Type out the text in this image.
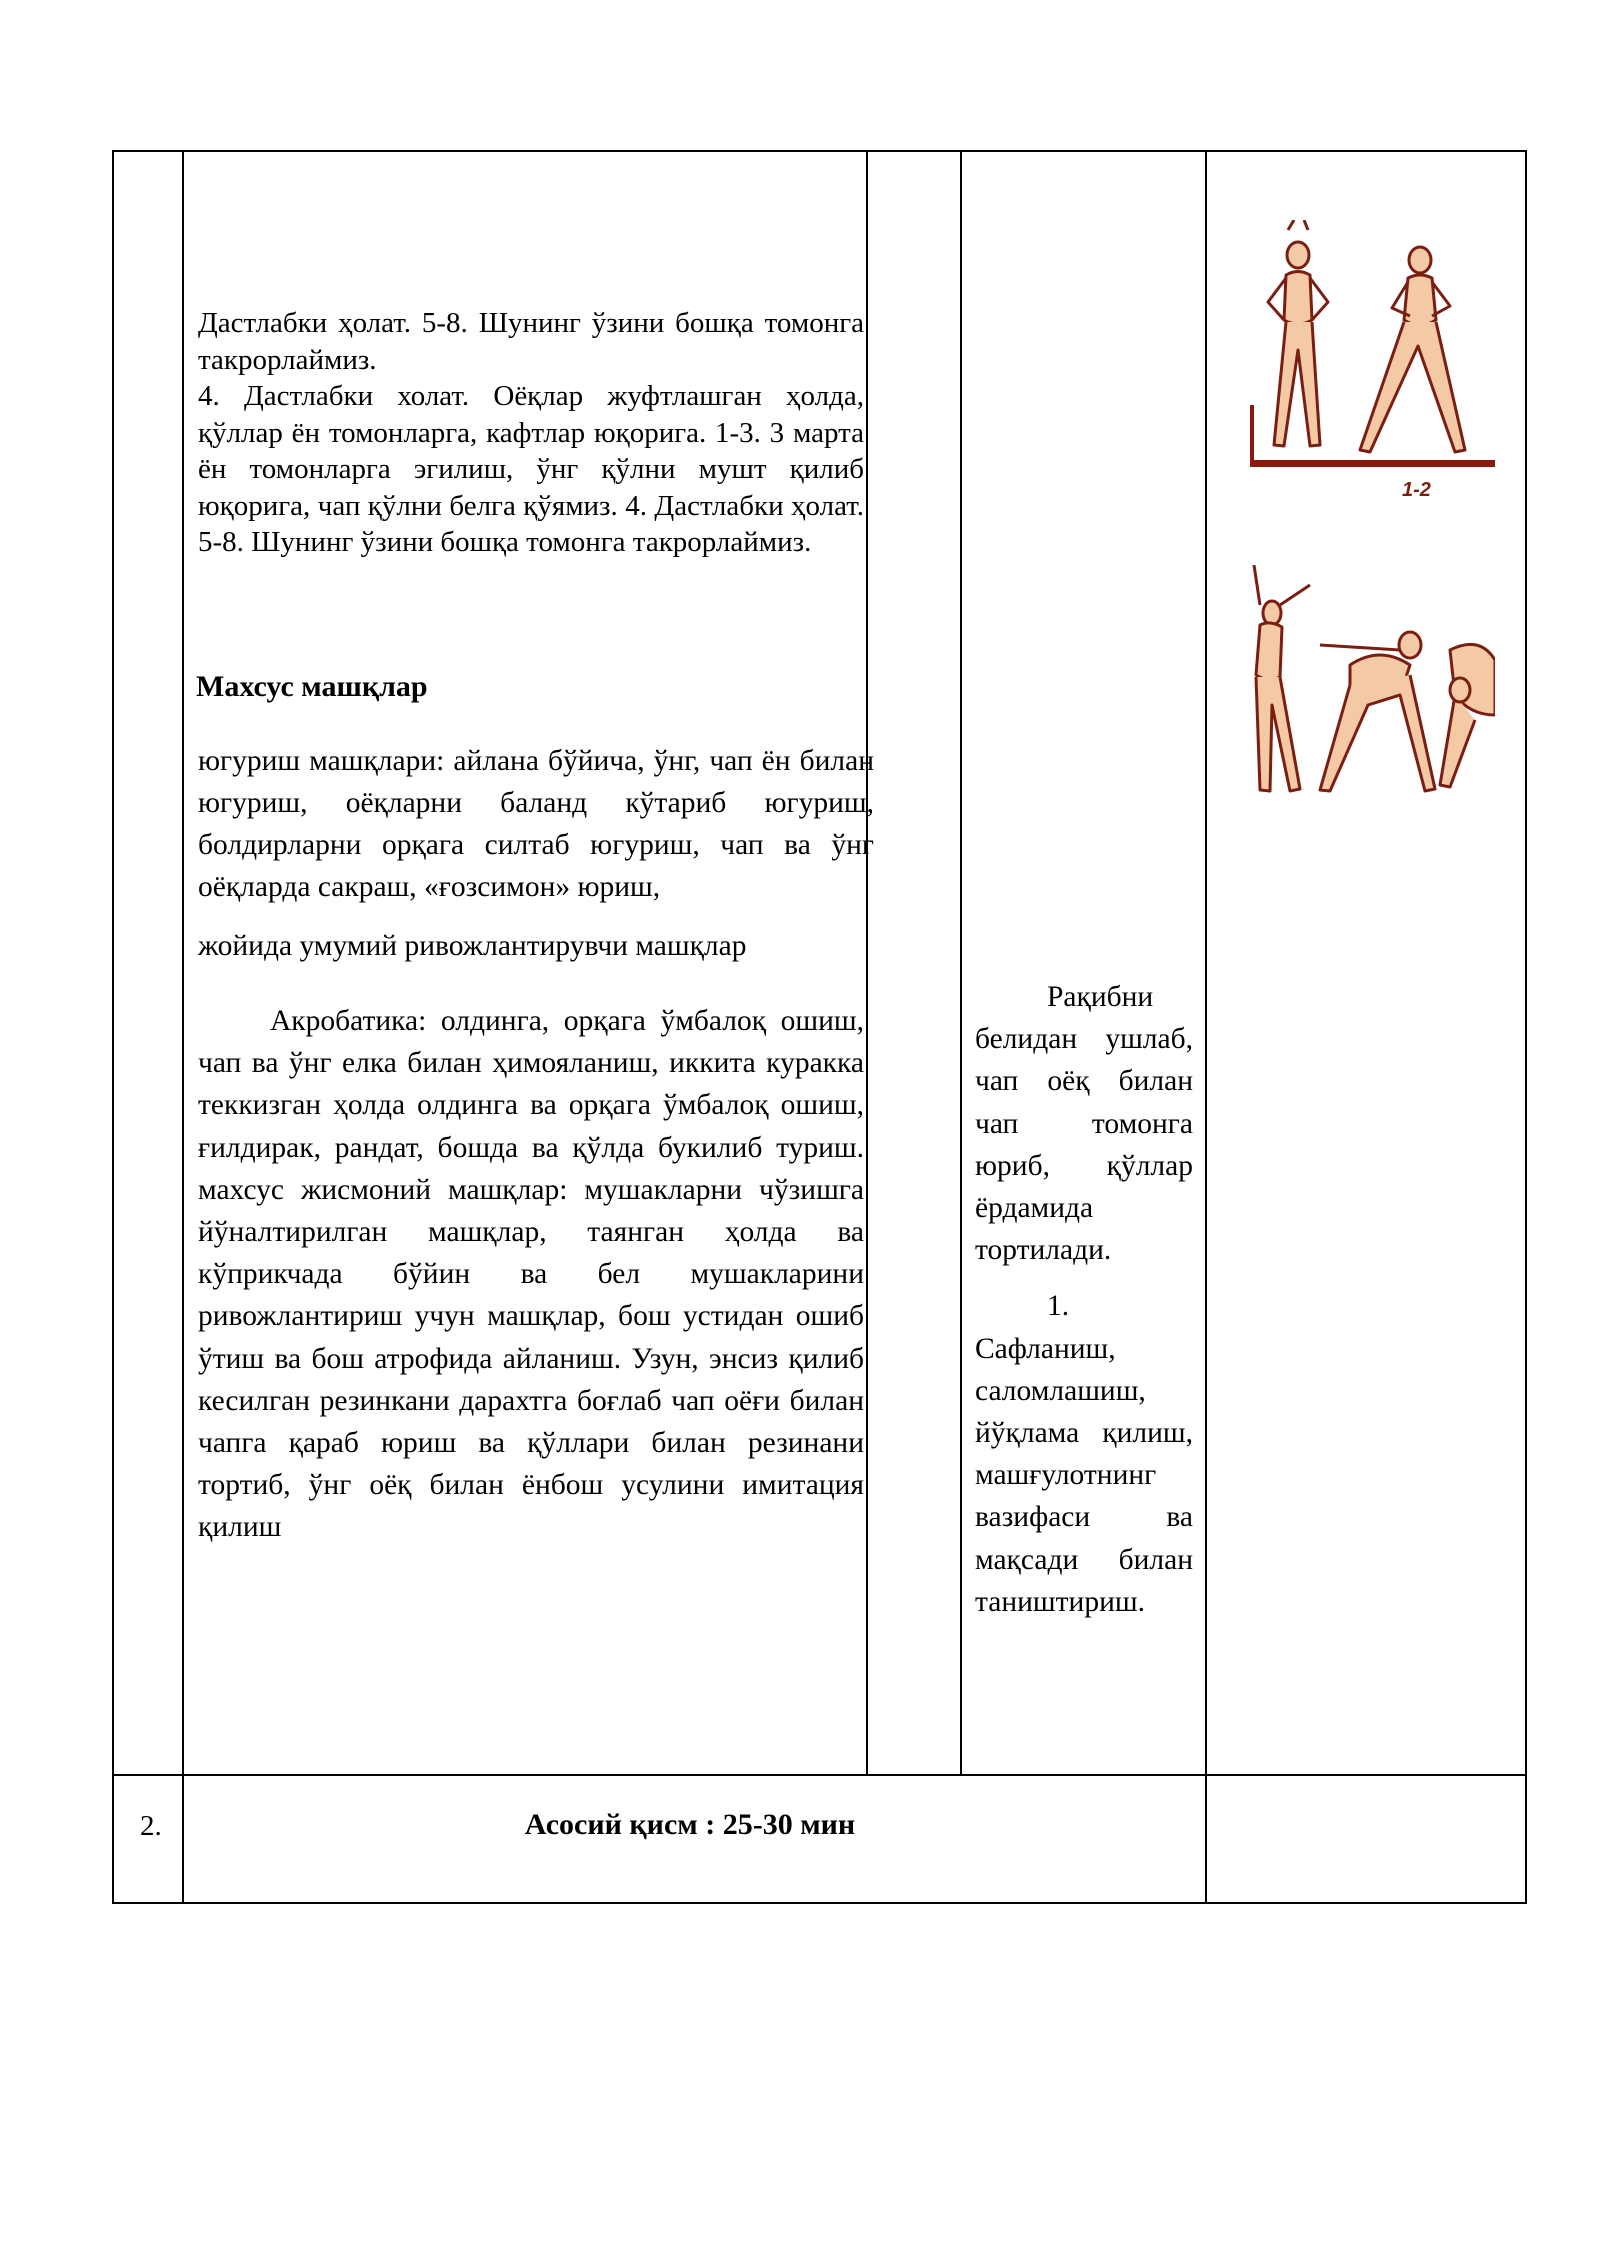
Дастлабки ҳолат. 5-8. Шунинг ўзини бошқа томонга такрорлаймиз.

4. Дастлабки холат. Оёқлар жуфтлашган ҳолда, қўллар ён томонларга, кафтлар юқорига. 1-3. 3 марта ён томонларга эгилиш, ўнг қўлни мушт қилиб юқорига, чап қўлни белга қўямиз. 4. Дастлабки ҳолат. 5-8. Шунинг ўзини бошқа томонга такрорлаймиз.

Махсус машқлар
югуриш машқлари: айлана бўйича, ўнг, чап ён билан югуриш, оёқларни баланд кўтариб югуриш, болдирларни орқага силтаб югуриш, чап ва ўнг оёқларда сакраш, «ғозсимон» юриш,
жойида умумий ривожлантирувчи машқлар
Акробатика: олдинга, орқага ўмбалоқ ошиш, чап ва ўнг елка билан ҳимояланиш, иккита куракка теккизган ҳолда олдинга ва орқага ўмбалоқ ошиш, ғилдирак, рандат, бошда ва қўлда букилиб туриш. махсус жисмоний машқлар: мушакларни чўзишга йўналтирилган машқлар, таянган ҳолда ва кўприкчада бўйин ва бел мушакларини ривожлантириш учун машқлар, бош устидан ошиб ўтиш ва бош атрофида айланиш. Узун, энсиз қилиб кесилган резинкани дарахтга боғлаб чап оёғи билан чапга қараб юриш ва қўллари билан резинани тортиб, ўнг оёқ билан ёнбош усулини имитация қилиш

Рақибни белидан ушлаб, чап оёқ билан чап томонга юриб, қўллар ёрдамида тортилади.

1.

Сафланиш, саломлашиш, йўқлама қилиш, машғулотнинг вазифаси ва мақсади билан таништириш.

1-2
2.	Асосий қисм : 25-30 мин
